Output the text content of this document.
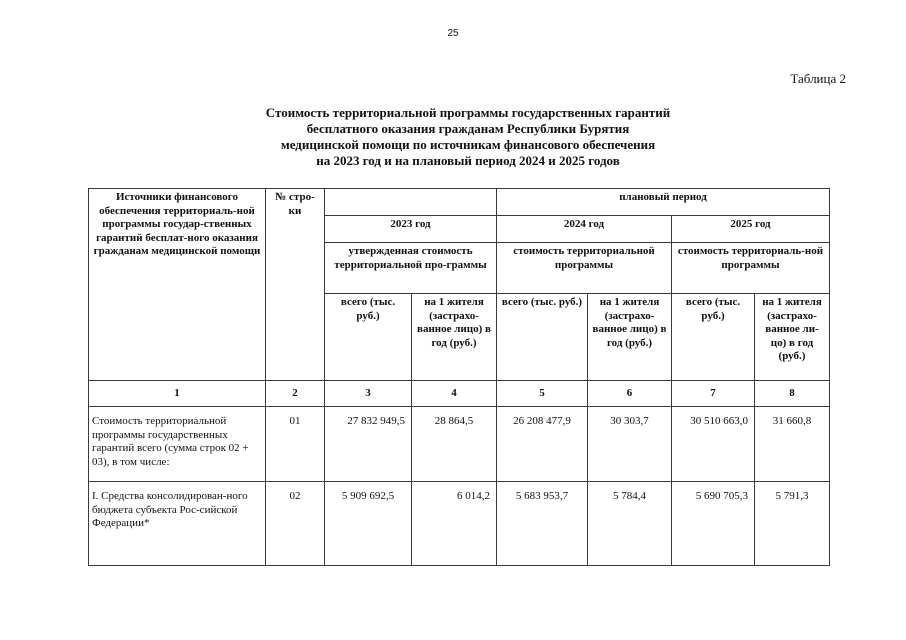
25
Таблица 2
Стоимость территориальной программы государственных гарантий
бесплатного оказания гражданам Республики Бурятия
медицинской помощи по источникам финансового обеспечения
на 2023 год и на плановый период 2024 и 2025 годов
Источники финансового обеспечения территориаль-ной программы государ-ственных гарантий бесплат-ного оказания гражданам медицинской помощи	№ стро-ки			плановый период			
		2023 год		2024 год		2025 год	
		утвержденная стоимость территориальной про-граммы		стоимость территориальной программы		стоимость территориаль-ной программы	
		всего (тыс. руб.)	на 1 жителя (застрахо-ванное лицо) в год (руб.)	всего (тыс. руб.)	на 1 жителя (застрахо-ванное лицо) в год (руб.)	всего (тыс. руб.)	на 1 жителя (застрахо-ванное ли-цо) в год (руб.)
1	2	3	4	5	6	7	8
Стоимость территориальной программы государственных гарантий всего (сумма строк 02 + 03), в том числе:	01	27 832 949,5	28 864,5	26 208 477,9	30 303,7	30 510 663,0	31 660,8
I. Средства консолидирован-ного бюджета субъекта Рос-сийской Федерации*	02	5 909 692,5	6 014,2	5 683 953,7	5 784,4	5 690 705,3	5 791,3
